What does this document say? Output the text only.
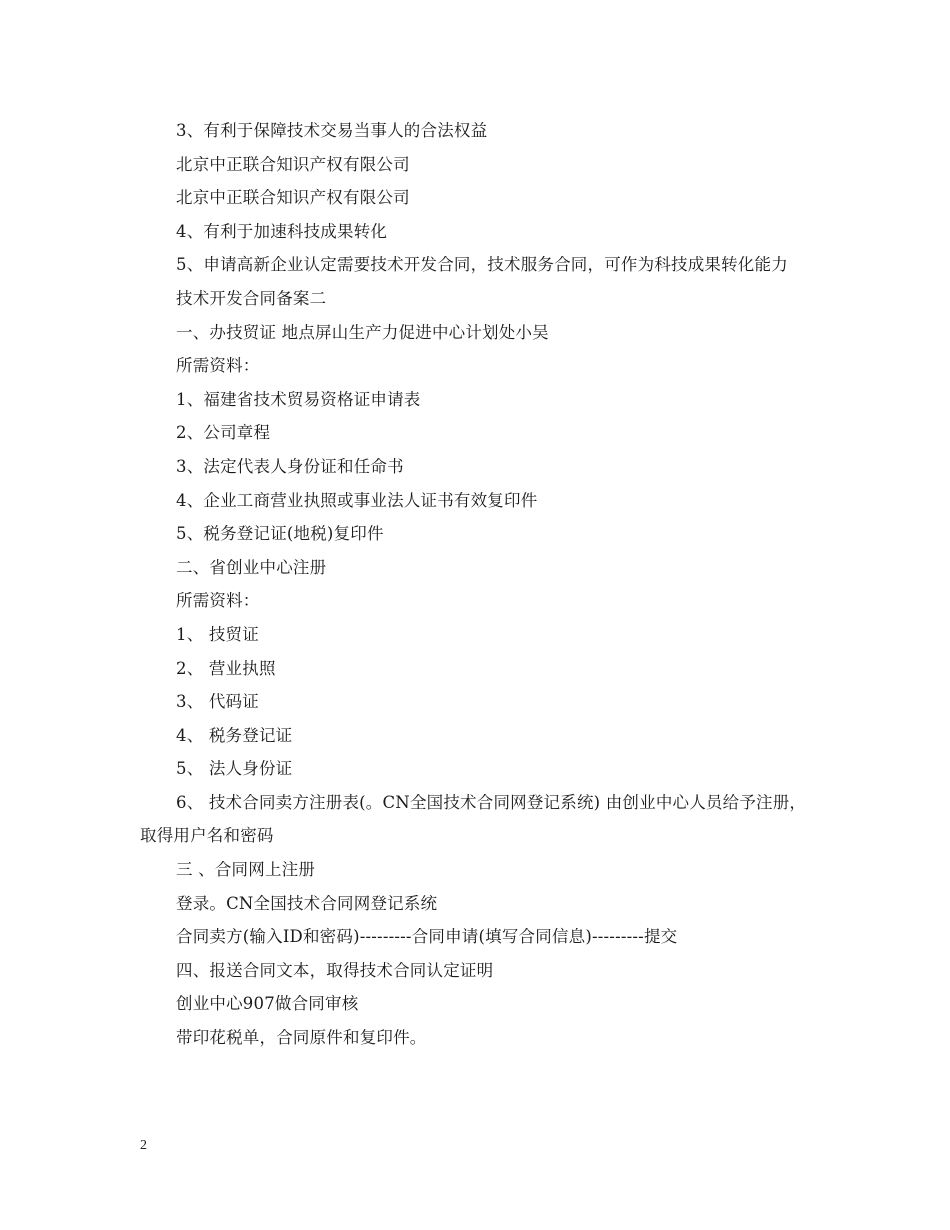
3、有利于保障技术交易当事人的合法权益

北京中正联合知识产权有限公司

北京中正联合知识产权有限公司

4、有利于加速科技成果转化

5、申请高新企业认定需要技术开发合同，技术服务合同，可作为科技成果转化能力

技术开发合同备案二

一、办技贸证 地点屏山生产力促进中心计划处小吴

所需资料：

1、福建省技术贸易资格证申请表

2、公司章程

3、法定代表人身份证和任命书

4、企业工商营业执照或事业法人证书有效复印件

5、税务登记证(地税)复印件

二、省创业中心注册

所需资料：

1、 技贸证

2、 营业执照

3、 代码证

4、 税务登记证

5、 法人身份证

6、 技术合同卖方注册表(。CN全国技术合同网登记系统) 由创业中心人员给予注册，取得用户名和密码

三 、合同网上注册

登录。CN全国技术合同网登记系统

合同卖方(输入ID和密码)---------合同申请(填写合同信息)---------提交

四、报送合同文本，取得技术合同认定证明

创业中心907做合同审核

带印花税单，合同原件和复印件。

2
